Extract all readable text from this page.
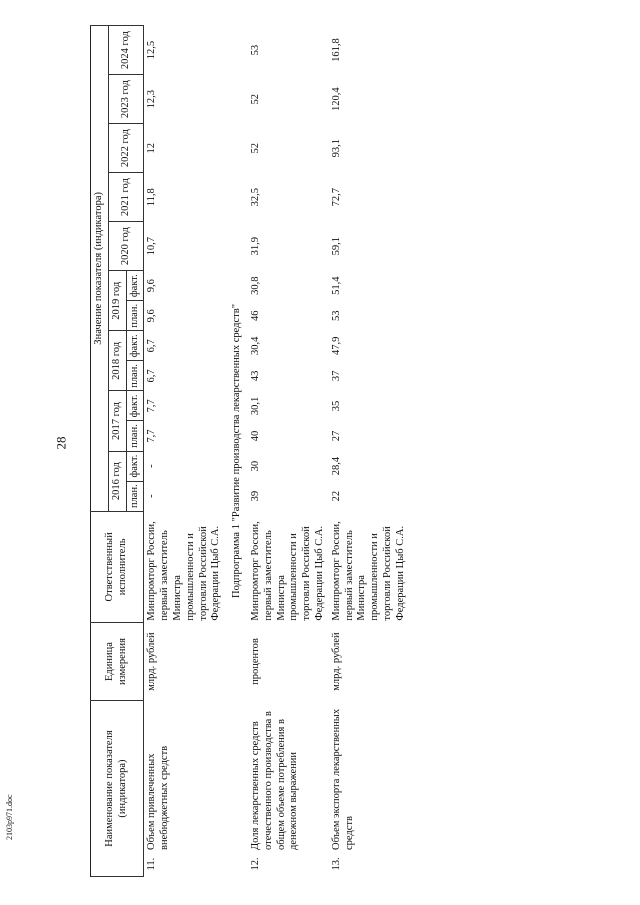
28
2103р971.doc	Наименование показателя (индикатора)		Единица измерения	Ответственный исполнитель	Значение показателя (индикатора)												
				2016 год		2017 год		2018 год		2019 год		2020 год	2021 год	2022 год	2023 год	2024 год
				план.	факт.	план.	факт.	план.	факт.	план.	факт.					
11.	Объем привлеченных внебюджетных средств	млрд. рублей	Минпромторг России, первый заместитель Министра промышленности и торговли Российской Федерации Цыб С.А.	-	-	7,7	7,7	6,7	6,7	9,6	9,6	10,7	11,8	12	12,3	12,5
Подпрограмма 1 "Развитие производства лекарственных средств"																
12.	Доля лекарственных средств отечественного производства в общем объеме потребления в денежном выражении	процентов	Минпромторг России, первый заместитель Министра промышленности и торговли Российской Федерации Цыб С.А.	39	30	40	30,1	43	30,4	46	30,8	31,9	32,5	52	52	53
13.	Объем экспорта лекарственных средств	млрд. рублей	Минпромторг России, первый заместитель Министра промышленности и торговли Российской Федерации Цыб С.А.	22	28,4	27	35	37	47,9	53	51,4	59,1	72,7	93,1	120,4	161,8
